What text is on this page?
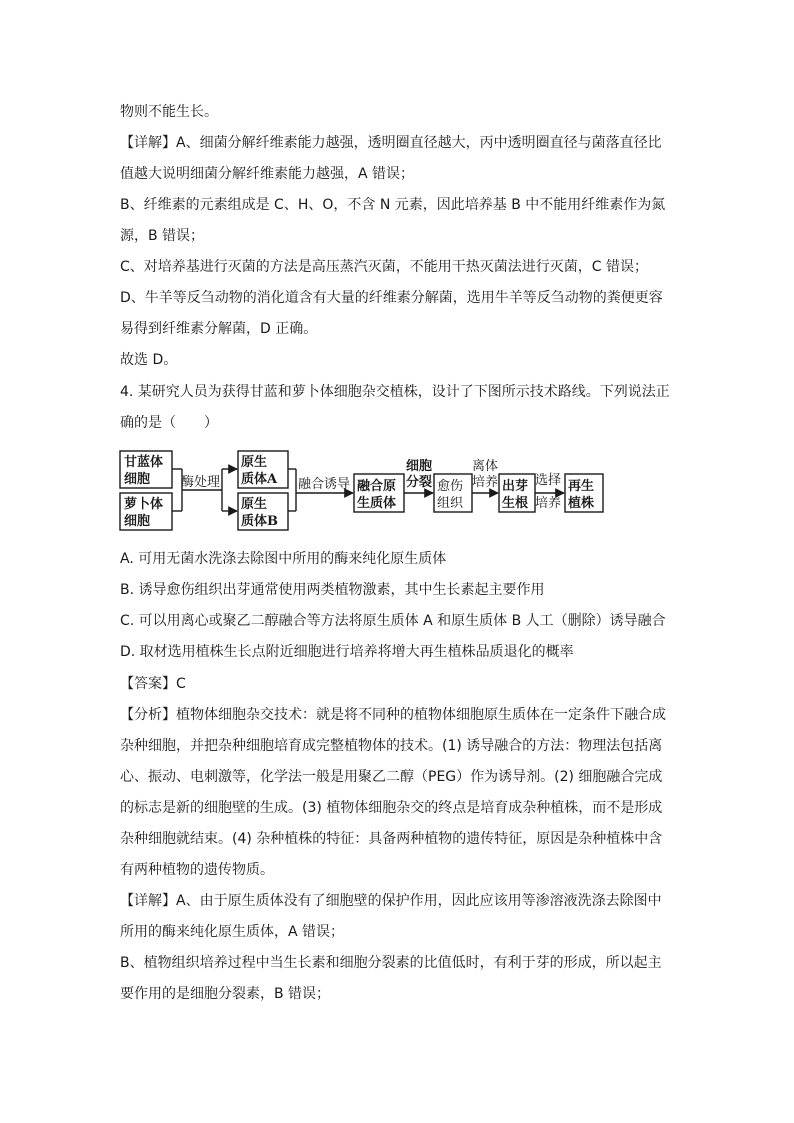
物则不能生长。
【详解】A、细菌分解纤维素能力越强，透明圈直径越大，丙中透明圈直径与菌落直径比
值越大说明细菌分解纤维素能力越强，A 错误；
B、纤维素的元素组成是 C、H、O，不含 N 元素，因此培养基 B 中不能用纤维素作为氮
源，B 错误；
C、对培养基进行灭菌的方法是高压蒸汽灭菌，不能用干热灭菌法进行灭菌，C 错误；
D、牛羊等反刍动物的消化道含有大量的纤维素分解菌，选用牛羊等反刍动物的粪便更容
易得到纤维素分解菌，D 正确。
故选 D。
4. 某研究人员为获得甘蓝和萝卜体细胞杂交植株，设计了下图所示技术路线。下列说法正
确的是（　　）
A. 可用无菌水洗涤去除图中所用的酶来纯化原生质体
B. 诱导愈伤组织出芽通常使用两类植物激素，其中生长素起主要作用
C. 可以用离心或聚乙二醇融合等方法将原生质体 A 和原生质体 B 人工（删除）诱导融合
D. 取材选用植株生长点附近细胞进行培养将增大再生植株品质退化的概率
【答案】C
【分析】植物体细胞杂交技术：就是将不同种的植物体细胞原生质体在一定条件下融合成
杂种细胞，并把杂种细胞培育成完整植物体的技术。(1) 诱导融合的方法：物理法包括离
心、振动、电刺激等，化学法一般是用聚乙二醇（PEG）作为诱导剂。(2) 细胞融合完成
的标志是新的细胞壁的生成。(3) 植物体细胞杂交的终点是培育成杂种植株，而不是形成
杂种细胞就结束。(4) 杂种植株的特征：具备两种植物的遗传特征，原因是杂种植株中含
有两种植物的遗传物质。
【详解】A、由于原生质体没有了细胞壁的保护作用，因此应该用等渗溶液洗涤去除图中
所用的酶来纯化原生质体，A 错误；
B、植物组织培养过程中当生长素和细胞分裂素的比值低时，有利于芽的形成，所以起主
要作用的是细胞分裂素，B 错误；
甘蓝体
细胞
萝卜体
细胞
酶处理
原生
质体A
原生
质体B
融合诱导 融合原
生质体
细胞
分裂 愈伤
组织
离体
培养 出芽
生根
选择
培养
再生
植株
